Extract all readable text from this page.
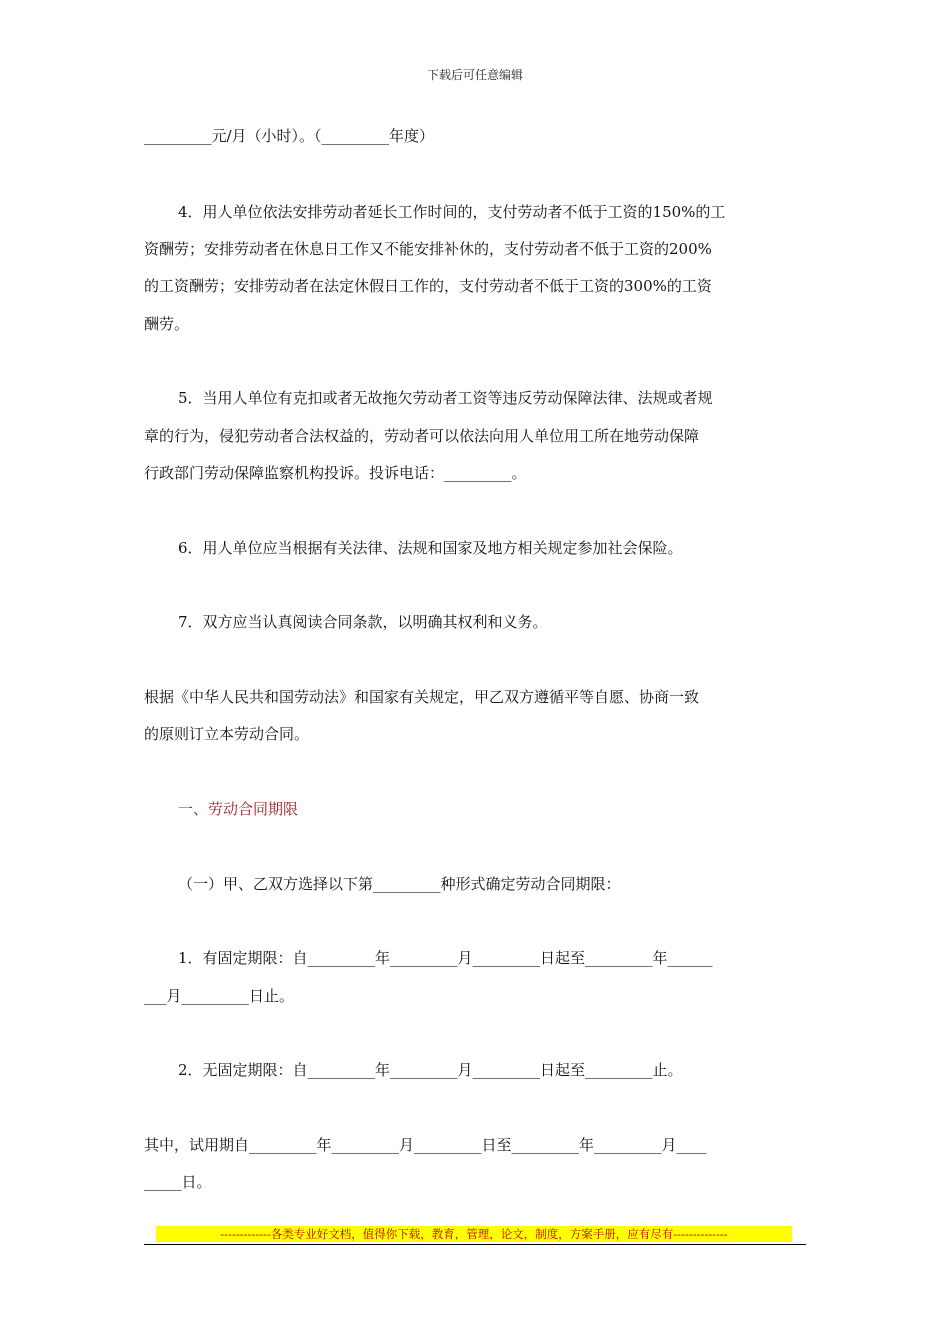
下载后可任意编辑
_________元/月（小时）。（_________年度）
4．用人单位依法安排劳动者延长工作时间的，支付劳动者不低于工资的150%的工
资酬劳；安排劳动者在休息日工作又不能安排补休的，支付劳动者不低于工资的200%
的工资酬劳；安排劳动者在法定休假日工作的，支付劳动者不低于工资的300%的工资
酬劳。
5．当用人单位有克扣或者无故拖欠劳动者工资等违反劳动保障法律、法规或者规
章的行为，侵犯劳动者合法权益的，劳动者可以依法向用人单位用工所在地劳动保障
行政部门劳动保障监察机构投诉。投诉电话：_________。
6．用人单位应当根据有关法律、法规和国家及地方相关规定参加社会保险。
7．双方应当认真阅读合同条款，以明确其权利和义务。
根据《中华人民共和国劳动法》和国家有关规定，甲乙双方遵循平等自愿、协商一致
的原则订立本劳动合同。
一、劳动合同期限
（一）甲、乙双方选择以下第_________种形式确定劳动合同期限：
1．有固定期限：自_________年_________月_________日起至_________年______
___月_________日止。
2．无固定期限：自_________年_________月_________日起至_________止。
其中，试用期自_________年_________月_________日至_________年_________月____
_____日。
-------------各类专业好文档，值得你下载，教育，管理，论文，制度，方案手册，应有尽有--------------
